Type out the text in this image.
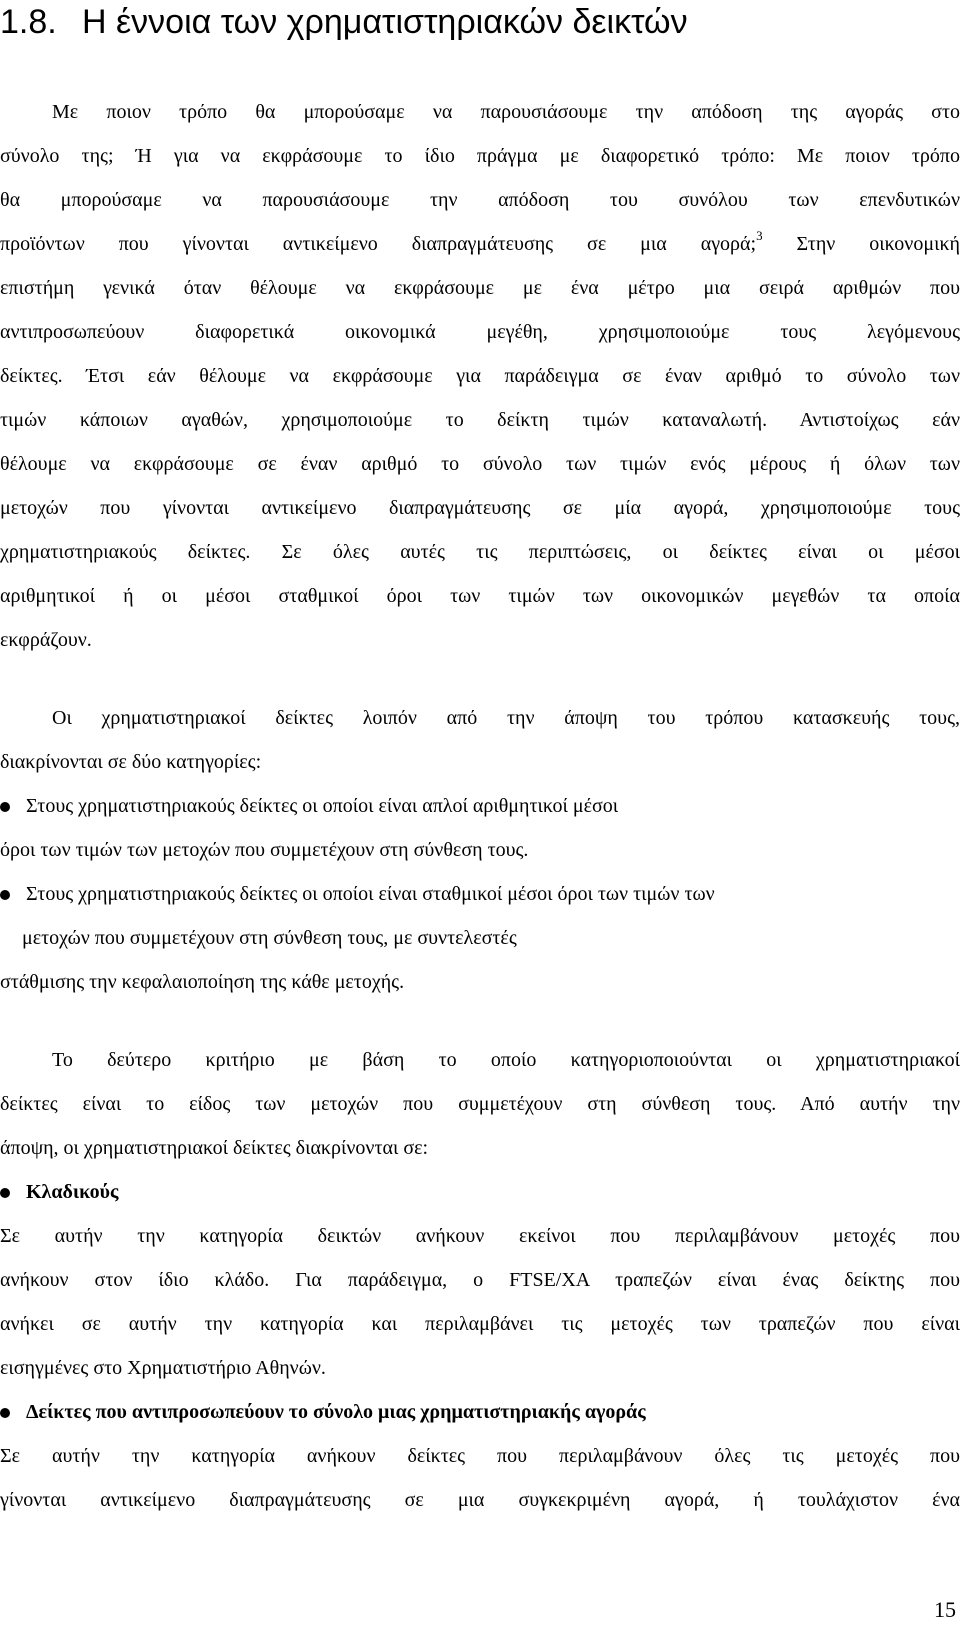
1.8. Η έννοια των χρηματιστηριακών δεικτών
Με ποιον τρόπο θα μπορούσαμε να παρουσιάσουμε την απόδοση της αγοράς στο
σύνολο της; Ή για να εκφράσουμε το ίδιο πράγμα με διαφορετικό τρόπο: Με ποιον τρόπο
θα μπορούσαμε να παρουσιάσουμε την απόδοση του συνόλου των επενδυτικών
προϊόντων που γίνονται αντικείμενο διαπραγμάτευσης σε μια αγορά;$^3$ Στην οικονομική
επιστήμη γενικά όταν θέλουμε να εκφράσουμε με ένα μέτρο μια σειρά αριθμών που
αντιπροσωπεύουν διαφορετικά οικονομικά μεγέθη, χρησιμοποιούμε τους λεγόμενους
δείκτες. Έτσι εάν θέλουμε να εκφράσουμε για παράδειγμα σε έναν αριθμό το σύνολο των
τιμών κάποιων αγαθών, χρησιμοποιούμε το δείκτη τιμών καταναλωτή. Αντιστοίχως εάν
θέλουμε να εκφράσουμε σε έναν αριθμό το σύνολο των τιμών ενός μέρους ή όλων των
μετοχών που γίνονται αντικείμενο διαπραγμάτευσης σε μία αγορά, χρησιμοποιούμε τους
χρηματιστηριακούς δείκτες. Σε όλες αυτές τις περιπτώσεις, οι δείκτες είναι οι μέσοι
αριθμητικοί ή οι μέσοι σταθμικοί όροι των τιμών των οικονομικών μεγεθών τα οποία
εκφράζουν.
Οι χρηματιστηριακοί δείκτες λοιπόν από την άποψη του τρόπου κατασκευής τους,
διακρίνονται σε δύο κατηγορίες:
Στους χρηματιστηριακούς δείκτες οι οποίοι είναι απλοί αριθμητικοί μέσοι
όροι των τιμών των μετοχών που συμμετέχουν στη σύνθεση τους.
Στους χρηματιστηριακούς δείκτες οι οποίοι είναι σταθμικοί μέσοι όροι των τιμών των
μετοχών που συμμετέχουν στη σύνθεση τους, με συντελεστές
στάθμισης την κεφαλαιοποίηση της κάθε μετοχής.
Το δεύτερο κριτήριο με βάση το οποίο κατηγοριοποιούνται οι χρηματιστηριακοί
δείκτες είναι το είδος των μετοχών που συμμετέχουν στη σύνθεση τους. Από αυτήν την
άποψη, οι χρηματιστηριακοί δείκτες διακρίνονται σε:
Κλαδικούς
Σε αυτήν την κατηγορία δεικτών ανήκουν εκείνοι που περιλαμβάνουν μετοχές που
ανήκουν στον ίδιο κλάδο. Για παράδειγμα, ο FTSE/XA τραπεζών είναι ένας δείκτης που
ανήκει σε αυτήν την κατηγορία και περιλαμβάνει τις μετοχές των τραπεζών που είναι
εισηγμένες στο Χρηματιστήριο Αθηνών.
Δείκτες που αντιπροσωπεύουν το σύνολο μιας χρηματιστηριακής αγοράς
Σε αυτήν την κατηγορία ανήκουν δείκτες που περιλαμβάνουν όλες τις μετοχές που
γίνονται αντικείμενο διαπραγμάτευσης σε μια συγκεκριμένη αγορά, ή τουλάχιστον ένα
15
